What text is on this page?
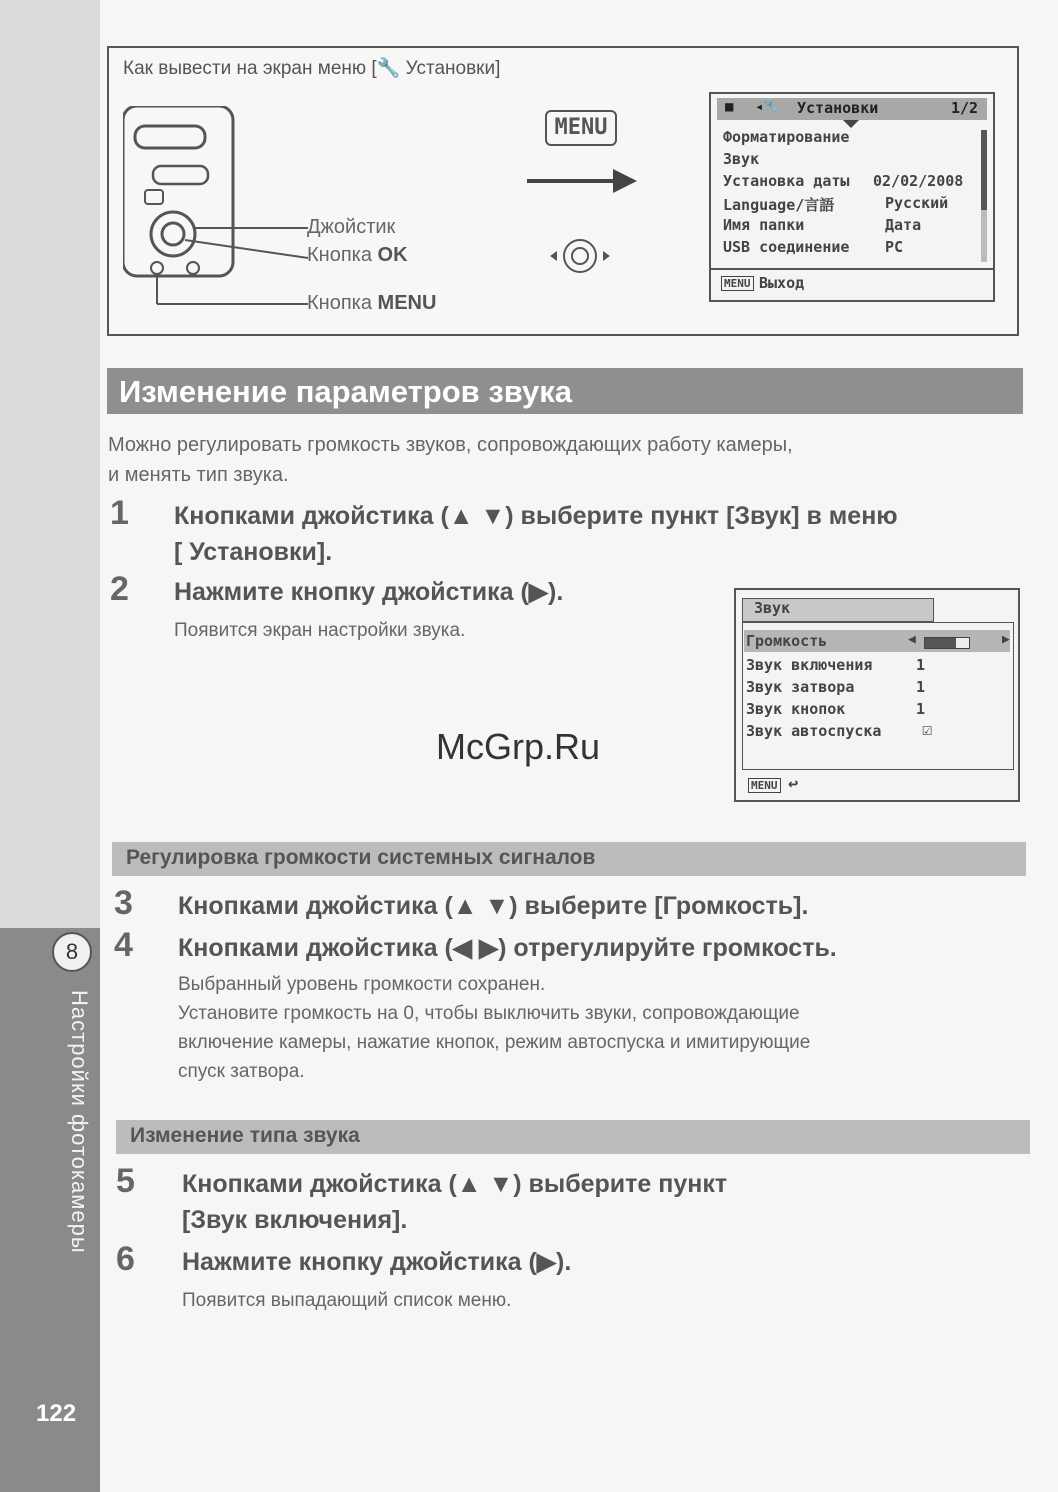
8
Настройки фотокамеры
122
Как вывести на экран меню [🔧 Установки]
Джойстик
Кнопка OK
Кнопка MENU
MENU
■ ◂🔧 Установки	1/2
Форматирование
Звук
Установка даты 02/02/2008
Language/言語	Русский
Имя папки	Дата
USB соединение PC
MENU Выход
Изменение параметров звука
Можно регулировать громкость звуков, сопровождающих работу камеры,
и менять тип звука.
1 Кнопками джойстика (▲ ▼) выберите пункт [Звук] в меню
[ Установки].
2 Нажмите кнопку джойстика (▶).
Появится экран настройки звука.
Звук
Громкость	◀	▶
Звук включения	1
Звук затвора	1
Звук кнопок	1
Звук автоспуска ☑
MENU ↩
McGrp.Ru
Регулировка громкости системных сигналов
3 Кнопками джойстика (▲ ▼) выберите [Громкость].
4 Кнопками джойстика (◀ ▶) отрегулируйте громкость.
Выбранный уровень громкости сохранен.
Установите громкость на 0, чтобы выключить звуки, сопровождающие
включение камеры, нажатие кнопок, режим автоспуска и имитирующие
спуск затвора.
Изменение типа звука
5 Кнопками джойстика (▲ ▼) выберите пункт
[Звук включения].
6 Нажмите кнопку джойстика (▶).
Появится выпадающий список меню.
